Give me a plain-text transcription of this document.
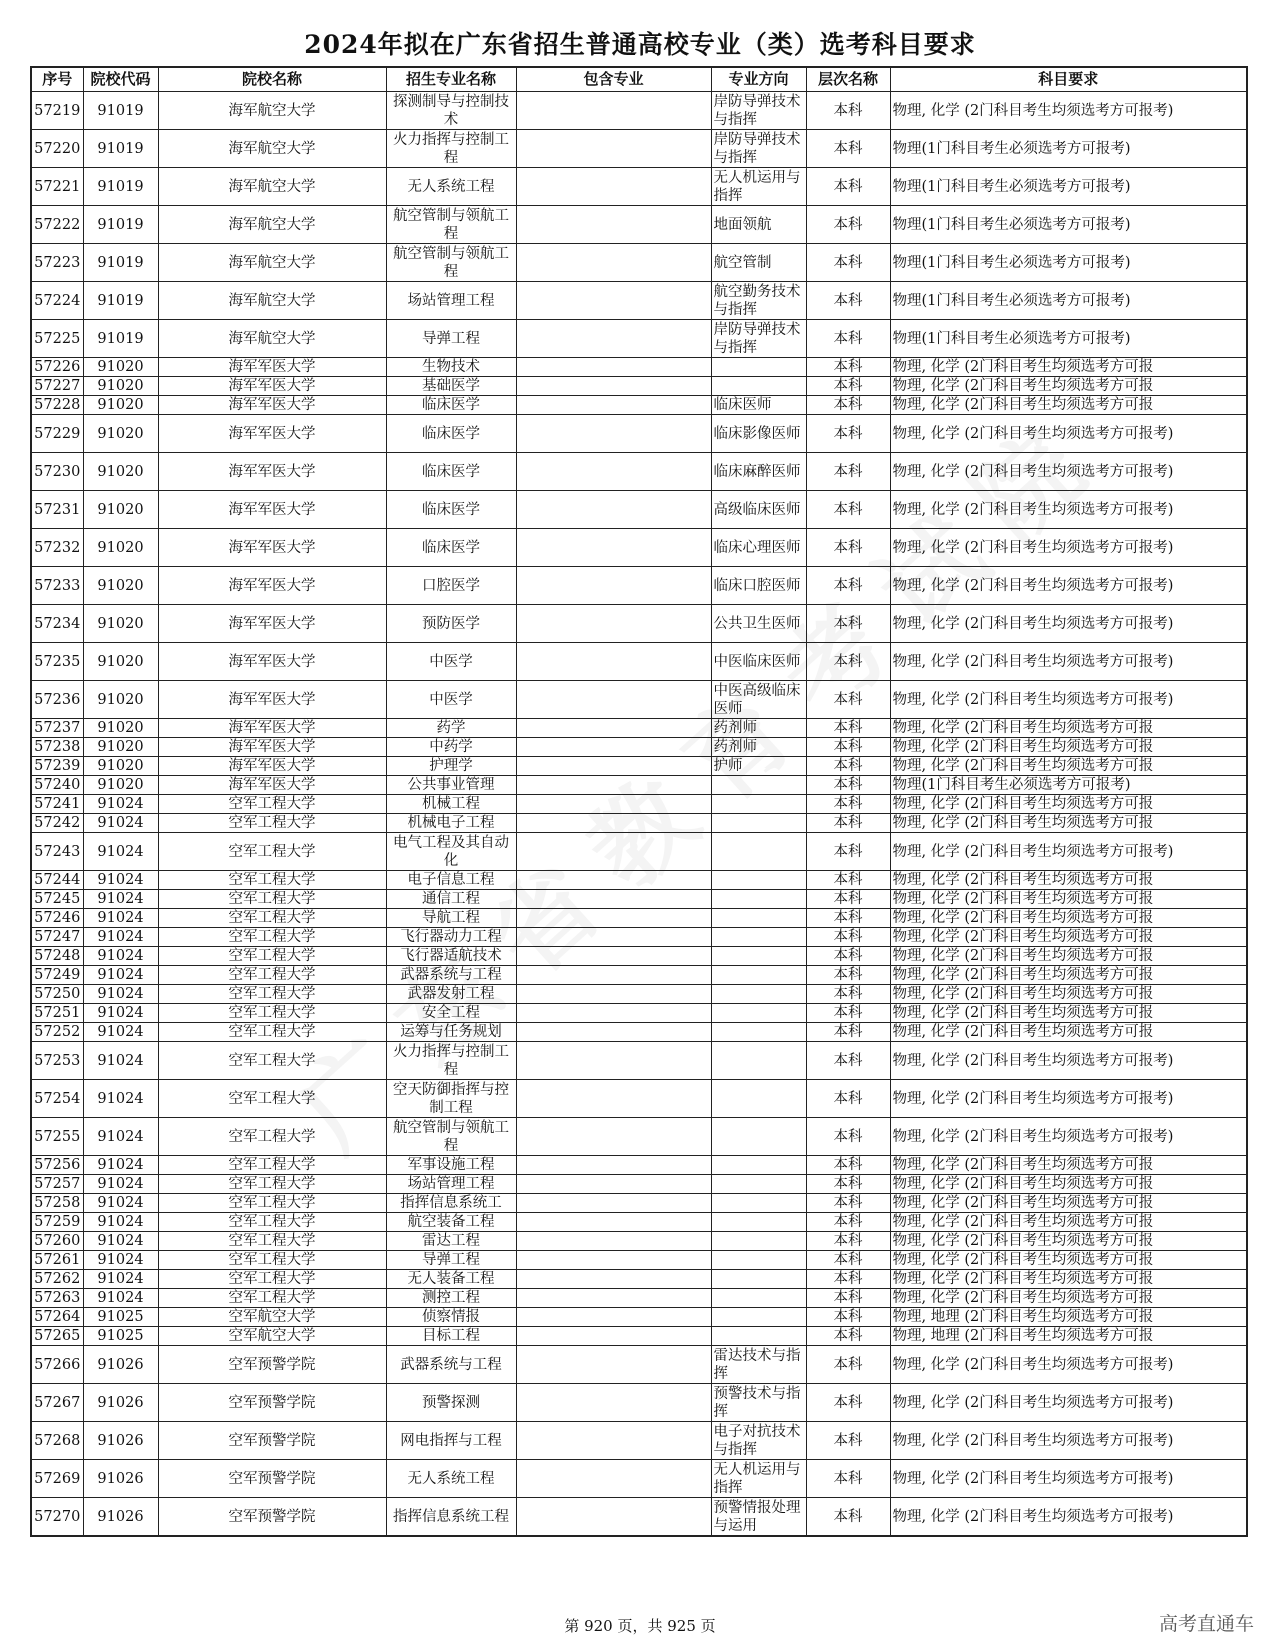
2024年拟在广东省招生普通高校专业（类）选考科目要求
序号	院校代码	院校名称	招生专业名称	包含专业	专业方向	层次名称	科目要求
57219	91019	海军航空大学	探测制导与控制技术		岸防导弹技术与指挥	本科	物理, 化学 (2门科目考生均须选考方可报考)
57220	91019	海军航空大学	火力指挥与控制工程		岸防导弹技术与指挥	本科	物理(1门科目考生必须选考方可报考)
57221	91019	海军航空大学	无人系统工程		无人机运用与指挥	本科	物理(1门科目考生必须选考方可报考)
57222	91019	海军航空大学	航空管制与领航工程		地面领航	本科	物理(1门科目考生必须选考方可报考)
57223	91019	海军航空大学	航空管制与领航工程		航空管制	本科	物理(1门科目考生必须选考方可报考)
57224	91019	海军航空大学	场站管理工程		航空勤务技术与指挥	本科	物理(1门科目考生必须选考方可报考)
57225	91019	海军航空大学	导弹工程		岸防导弹技术与指挥	本科	物理(1门科目考生必须选考方可报考)
57226	91020	海军军医大学	生物技术			本科	物理, 化学 (2门科目考生均须选考方可报
57227	91020	海军军医大学	基础医学			本科	物理, 化学 (2门科目考生均须选考方可报
57228	91020	海军军医大学	临床医学		临床医师	本科	物理, 化学 (2门科目考生均须选考方可报
57229	91020	海军军医大学	临床医学		临床影像医师	本科	物理, 化学 (2门科目考生均须选考方可报考)
57230	91020	海军军医大学	临床医学		临床麻醉医师	本科	物理, 化学 (2门科目考生均须选考方可报考)
57231	91020	海军军医大学	临床医学		高级临床医师	本科	物理, 化学 (2门科目考生均须选考方可报考)
57232	91020	海军军医大学	临床医学		临床心理医师	本科	物理, 化学 (2门科目考生均须选考方可报考)
57233	91020	海军军医大学	口腔医学		临床口腔医师	本科	物理, 化学 (2门科目考生均须选考方可报考)
57234	91020	海军军医大学	预防医学		公共卫生医师	本科	物理, 化学 (2门科目考生均须选考方可报考)
57235	91020	海军军医大学	中医学		中医临床医师	本科	物理, 化学 (2门科目考生均须选考方可报考)
57236	91020	海军军医大学	中医学		中医高级临床医师	本科	物理, 化学 (2门科目考生均须选考方可报考)
57237	91020	海军军医大学	药学		药剂师	本科	物理, 化学 (2门科目考生均须选考方可报
57238	91020	海军军医大学	中药学		药剂师	本科	物理, 化学 (2门科目考生均须选考方可报
57239	91020	海军军医大学	护理学		护师	本科	物理, 化学 (2门科目考生均须选考方可报
57240	91020	海军军医大学	公共事业管理			本科	物理(1门科目考生必须选考方可报考)
57241	91024	空军工程大学	机械工程			本科	物理, 化学 (2门科目考生均须选考方可报
57242	91024	空军工程大学	机械电子工程			本科	物理, 化学 (2门科目考生均须选考方可报
57243	91024	空军工程大学	电气工程及其自动化			本科	物理, 化学 (2门科目考生均须选考方可报考)
57244	91024	空军工程大学	电子信息工程			本科	物理, 化学 (2门科目考生均须选考方可报
57245	91024	空军工程大学	通信工程			本科	物理, 化学 (2门科目考生均须选考方可报
57246	91024	空军工程大学	导航工程			本科	物理, 化学 (2门科目考生均须选考方可报
57247	91024	空军工程大学	飞行器动力工程			本科	物理, 化学 (2门科目考生均须选考方可报
57248	91024	空军工程大学	飞行器适航技术			本科	物理, 化学 (2门科目考生均须选考方可报
57249	91024	空军工程大学	武器系统与工程			本科	物理, 化学 (2门科目考生均须选考方可报
57250	91024	空军工程大学	武器发射工程			本科	物理, 化学 (2门科目考生均须选考方可报
57251	91024	空军工程大学	安全工程			本科	物理, 化学 (2门科目考生均须选考方可报
57252	91024	空军工程大学	运筹与任务规划			本科	物理, 化学 (2门科目考生均须选考方可报
57253	91024	空军工程大学	火力指挥与控制工程			本科	物理, 化学 (2门科目考生均须选考方可报考)
57254	91024	空军工程大学	空天防御指挥与控制工程			本科	物理, 化学 (2门科目考生均须选考方可报考)
57255	91024	空军工程大学	航空管制与领航工程			本科	物理, 化学 (2门科目考生均须选考方可报考)
57256	91024	空军工程大学	军事设施工程			本科	物理, 化学 (2门科目考生均须选考方可报
57257	91024	空军工程大学	场站管理工程			本科	物理, 化学 (2门科目考生均须选考方可报
57258	91024	空军工程大学	指挥信息系统工			本科	物理, 化学 (2门科目考生均须选考方可报
57259	91024	空军工程大学	航空装备工程			本科	物理, 化学 (2门科目考生均须选考方可报
57260	91024	空军工程大学	雷达工程			本科	物理, 化学 (2门科目考生均须选考方可报
57261	91024	空军工程大学	导弹工程			本科	物理, 化学 (2门科目考生均须选考方可报
57262	91024	空军工程大学	无人装备工程			本科	物理, 化学 (2门科目考生均须选考方可报
57263	91024	空军工程大学	测控工程			本科	物理, 化学 (2门科目考生均须选考方可报
57264	91025	空军航空大学	侦察情报			本科	物理, 地理 (2门科目考生均须选考方可报
57265	91025	空军航空大学	目标工程			本科	物理, 地理 (2门科目考生均须选考方可报
57266	91026	空军预警学院	武器系统与工程		雷达技术与指挥	本科	物理, 化学 (2门科目考生均须选考方可报考)
57267	91026	空军预警学院	预警探测		预警技术与指挥	本科	物理, 化学 (2门科目考生均须选考方可报考)
57268	91026	空军预警学院	网电指挥与工程		电子对抗技术与指挥	本科	物理, 化学 (2门科目考生均须选考方可报考)
57269	91026	空军预警学院	无人系统工程		无人机运用与指挥	本科	物理, 化学 (2门科目考生均须选考方可报考)
57270	91026	空军预警学院	指挥信息系统工程		预警情报处理与运用	本科	物理, 化学 (2门科目考生均须选考方可报考)
第 920 页，共 925 页	高考直通车
